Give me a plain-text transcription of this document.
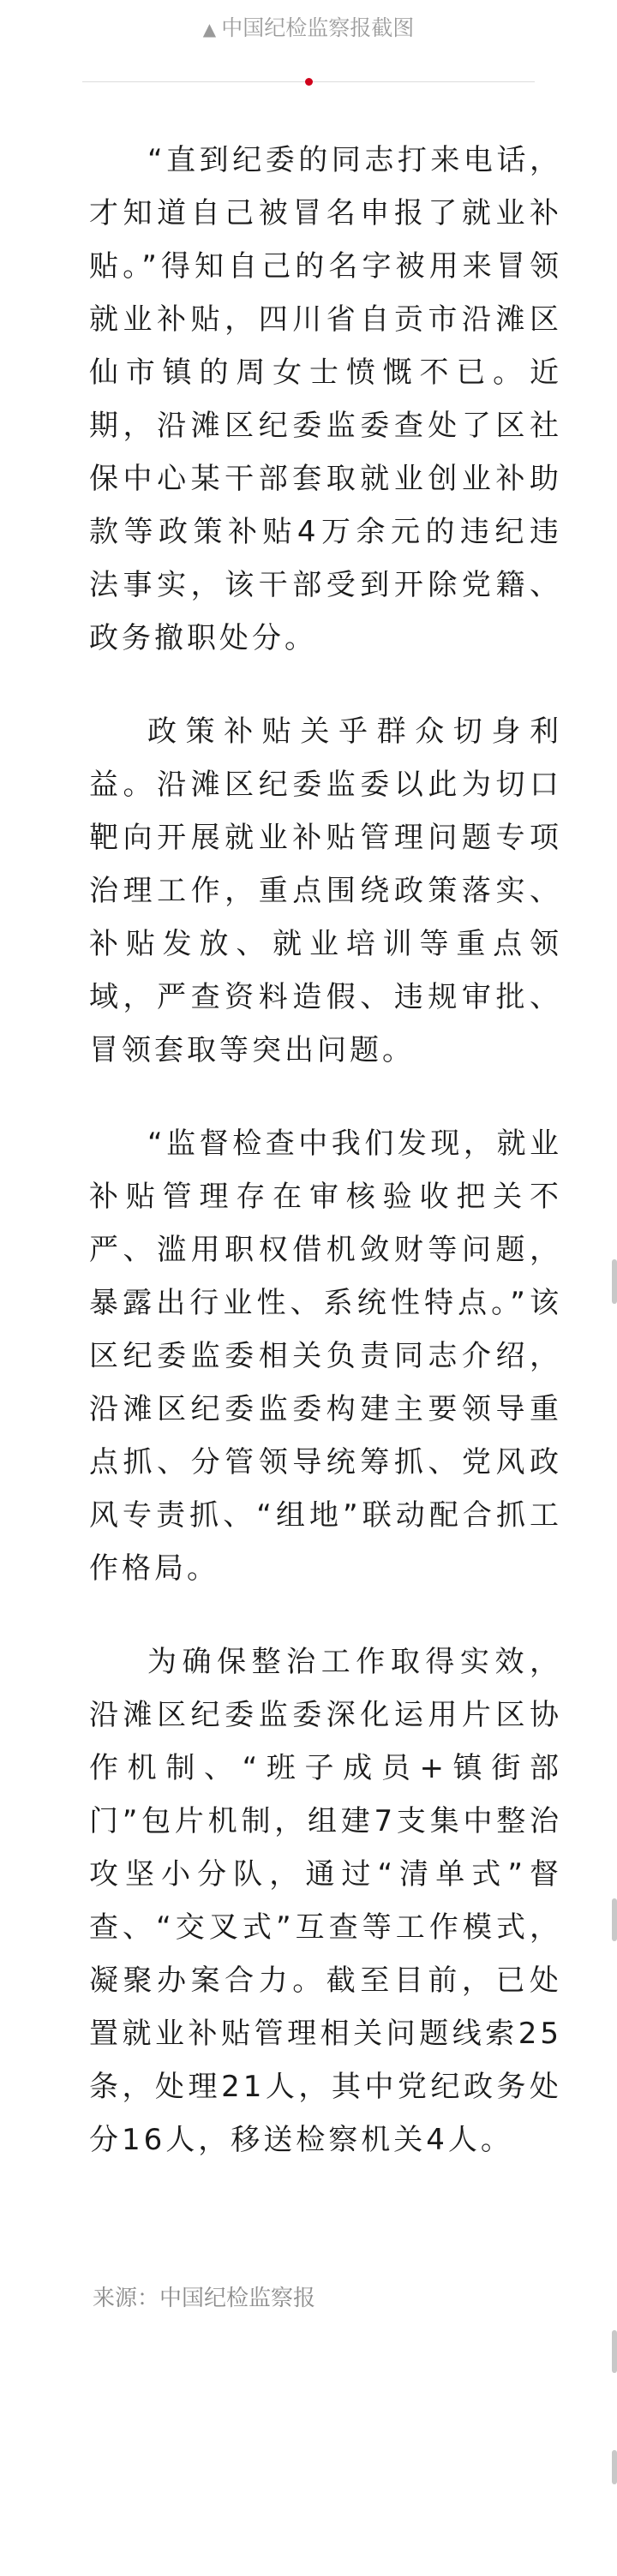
▲ 中国纪检监察报截图

“直到纪委的同志打来电话，才知道自己被冒名申报了就业补贴。”得知自己的名字被用来冒领就业补贴，四川省自贡市沿滩区仙市镇的周女士愤慨不已。近期，沿滩区纪委监委查处了区社保中心某干部套取就业创业补助款等政策补贴4万余元的违纪违法事实，该干部受到开除党籍、政务撤职处分。

政策补贴关乎群众切身利益。沿滩区纪委监委以此为切口靶向开展就业补贴管理问题专项治理工作，重点围绕政策落实、补贴发放、就业培训等重点领域，严查资料造假、违规审批、冒领套取等突出问题。

“监督检查中我们发现，就业补贴管理存在审核验收把关不严、滥用职权借机敛财等问题，暴露出行业性、系统性特点。”该区纪委监委相关负责同志介绍，沿滩区纪委监委构建主要领导重点抓、分管领导统筹抓、党风政风专责抓、“组地”联动配合抓工作格局。

为确保整治工作取得实效，沿滩区纪委监委深化运用片区协作机制、“班子成员+镇街部门”包片机制，组建7支集中整治攻坚小分队，通过“清单式”督查、“交叉式”互查等工作模式，凝聚办案合力。截至目前，已处置就业补贴管理相关问题线索25条，处理21人，其中党纪政务处分16人，移送检察机关4人。

来源：中国纪检监察报
